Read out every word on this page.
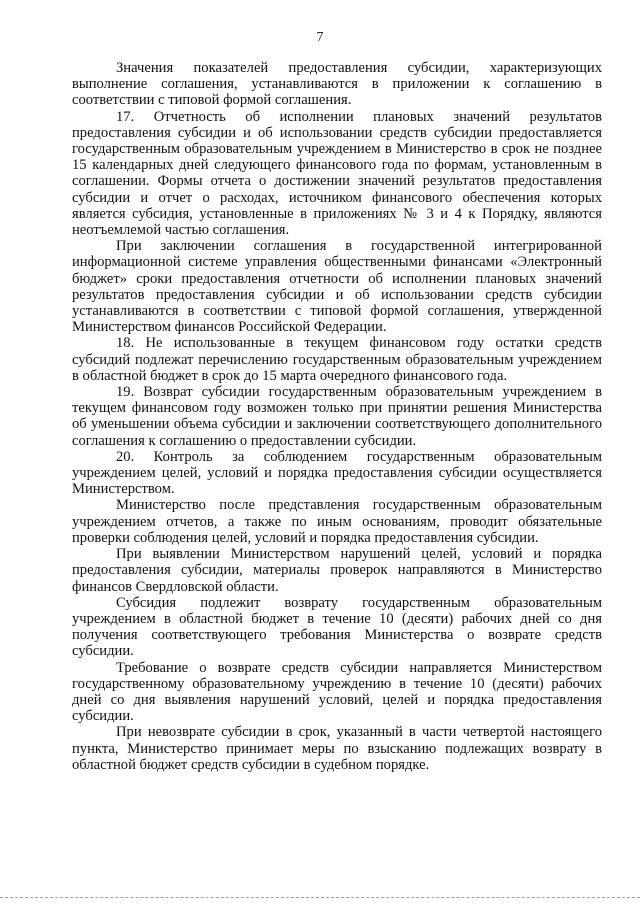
7

Значения показателей предоставления субсидии, характеризующих выполнение соглашения, устанавливаются в приложении к соглашению в соответствии с типовой формой соглашения.

17. Отчетность об исполнении плановых значений результатов предоставления субсидии и об использовании средств субсидии предоставляется государственным образовательным учреждением в Министерство в срок не позднее 15 календарных дней следующего финансового года по формам, установленным в соглашении. Формы отчета о достижении значений результатов предоставления субсидии и отчет о расходах, источником финансового обеспечения которых является субсидия, установленные в приложениях № 3 и 4 к Порядку, являются неотъемлемой частью соглашения.

При заключении соглашения в государственной интегрированной информационной системе управления общественными финансами «Электронный бюджет» сроки предоставления отчетности об исполнении плановых значений результатов предоставления субсидии и об использовании средств субсидии устанавливаются в соответствии с типовой формой соглашения, утвержденной Министерством финансов Российской Федерации.

18. Не использованные в текущем финансовом году остатки средств субсидий подлежат перечислению государственным образовательным учреждением в областной бюджет в срок до 15 марта очередного финансового года.

19. Возврат субсидии государственным образовательным учреждением в текущем финансовом году возможен только при принятии решения Министерства об уменьшении объема субсидии и заключении соответствующего дополнительного соглашения к соглашению о предоставлении субсидии.

20. Контроль за соблюдением государственным образовательным учреждением целей, условий и порядка предоставления субсидии осуществляется Министерством.

Министерство после представления государственным образовательным учреждением отчетов, а также по иным основаниям, проводит обязательные проверки соблюдения целей, условий и порядка предоставления субсидии.

При выявлении Министерством нарушений целей, условий и порядка предоставления субсидии, материалы проверок направляются в Министерство финансов Свердловской области.

Субсидия подлежит возврату государственным образовательным учреждением в областной бюджет в течение 10 (десяти) рабочих дней со дня получения соответствующего требования Министерства о возврате средств субсидии.

Требование о возврате средств субсидии направляется Министерством государственному образовательному учреждению в течение 10 (десяти) рабочих дней со дня выявления нарушений условий, целей и порядка предоставления субсидии.

При невозврате субсидии в срок, указанный в части четвертой настоящего пункта, Министерство принимает меры по взысканию подлежащих возврату в областной бюджет средств субсидии в судебном порядке.
